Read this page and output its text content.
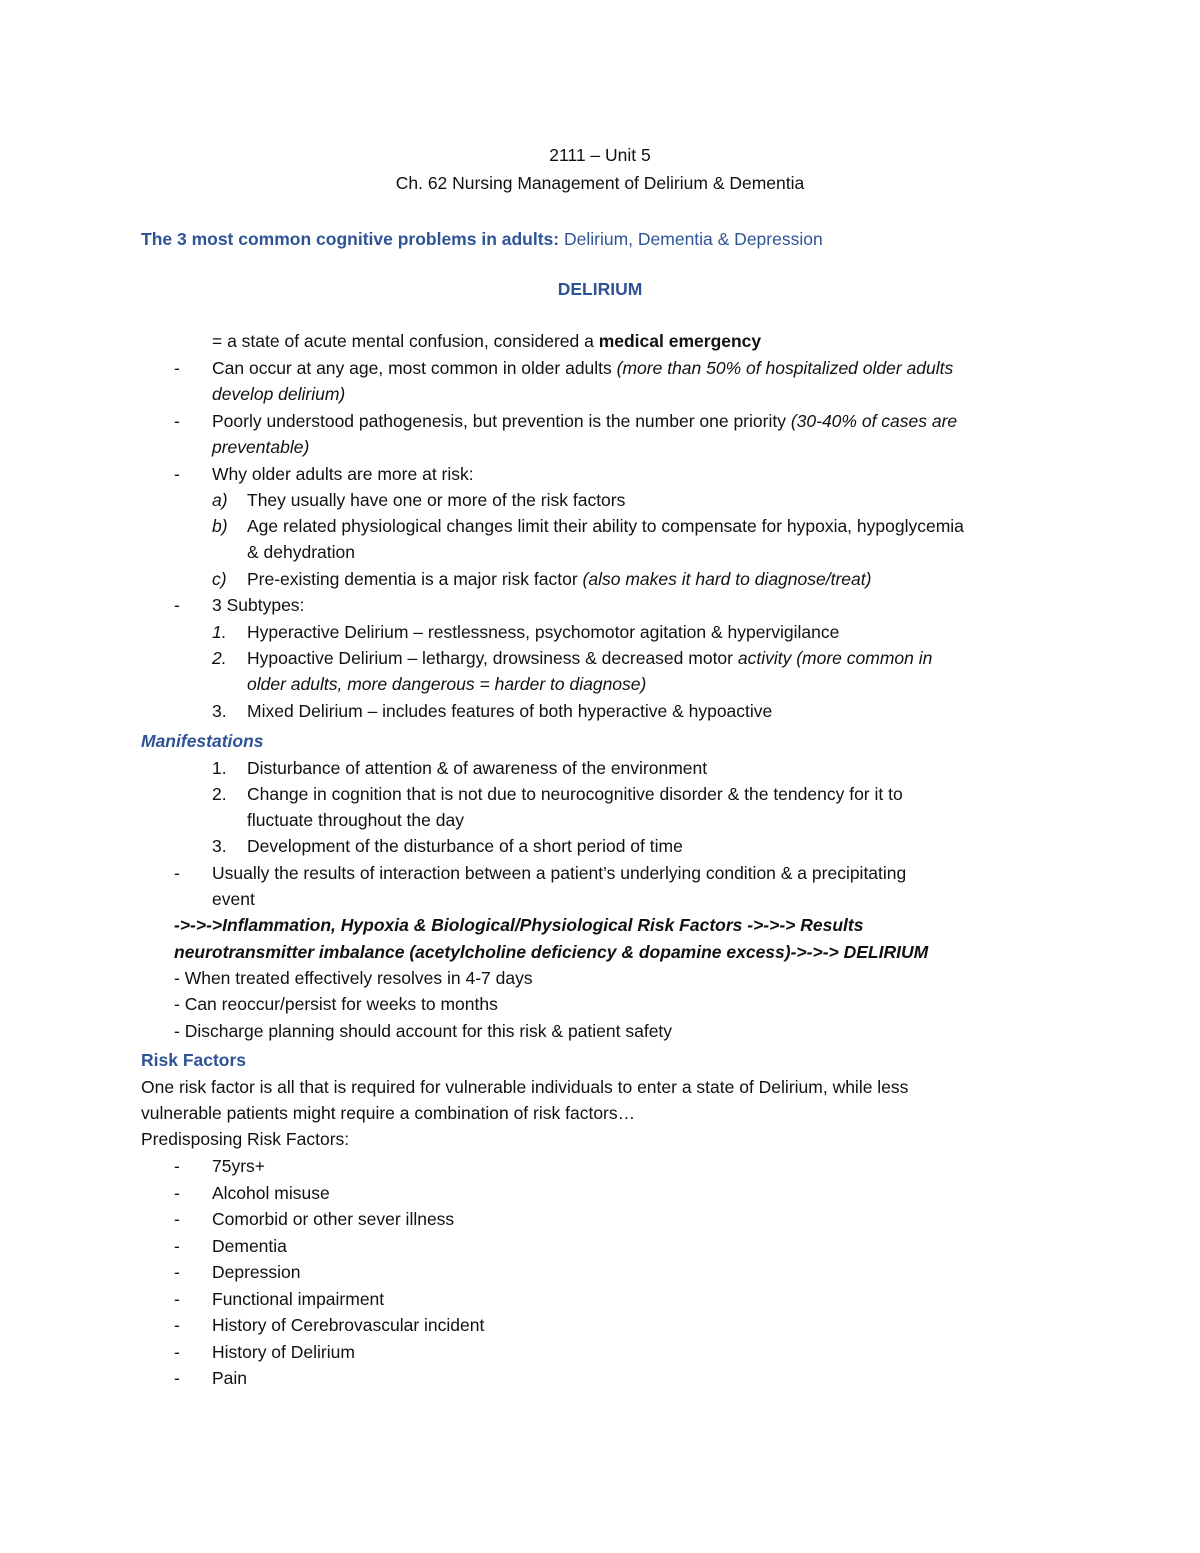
2111 – Unit 5
Ch. 62 Nursing Management of Delirium & Dementia
The 3 most common cognitive problems in adults: Delirium, Dementia & Depression
DELIRIUM
= a state of acute mental confusion, considered a medical emergency
- Can occur at any age, most common in older adults (more than 50% of hospitalized older adults
develop delirium)
- Poorly understood pathogenesis, but prevention is the number one priority (30-40% of cases are
preventable)
- Why older adults are more at risk:
a) They usually have one or more of the risk factors
b) Age related physiological changes limit their ability to compensate for hypoxia, hypoglycemia
& dehydration
c) Pre-existing dementia is a major risk factor (also makes it hard to diagnose/treat)
- 3 Subtypes:
1. Hyperactive Delirium – restlessness, psychomotor agitation & hypervigilance
2. Hypoactive Delirium – lethargy, drowsiness & decreased motor activity (more common in
older adults, more dangerous = harder to diagnose)
3. Mixed Delirium – includes features of both hyperactive & hypoactive
Manifestations
1. Disturbance of attention & of awareness of the environment
2. Change in cognition that is not due to neurocognitive disorder & the tendency for it to
fluctuate throughout the day
3. Development of the disturbance of a short period of time
- Usually the results of interaction between a patient’s underlying condition & a precipitating
event
->->->Inflammation, Hypoxia & Biological/Physiological Risk Factors ->->-> Results
neurotransmitter imbalance (acetylcholine deficiency & dopamine excess)->->-> DELIRIUM
- When treated effectively resolves in 4-7 days
- Can reoccur/persist for weeks to months
- Discharge planning should account for this risk & patient safety
Risk Factors
One risk factor is all that is required for vulnerable individuals to enter a state of Delirium, while less
vulnerable patients might require a combination of risk factors…
Predisposing Risk Factors:
- 75yrs+
- Alcohol misuse
- Comorbid or other sever illness
- Dementia
- Depression
- Functional impairment
- History of Cerebrovascular incident
- History of Delirium
- Pain
